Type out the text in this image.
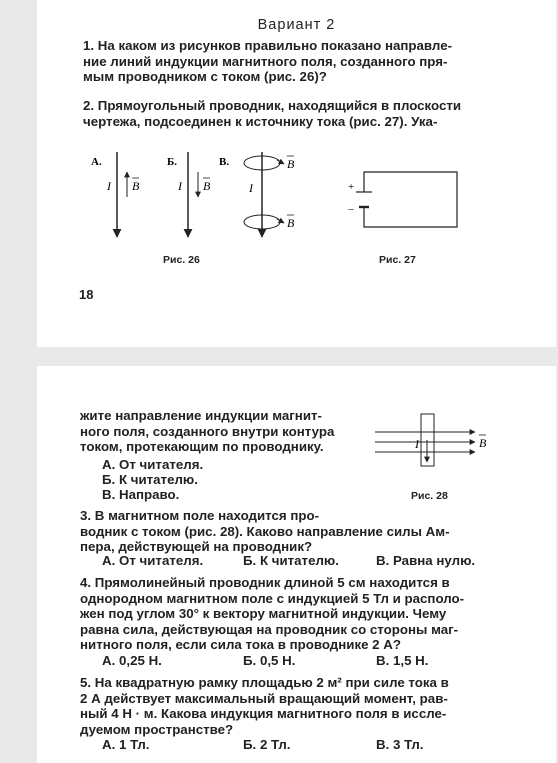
Вариант 2
1. На каком из рисунков правильно показано направле-
ние линий индукции магнитного поля, созданного пря-
мым проводником с током (рис. 26)?
2. Прямоугольный проводник, находящийся в плоскости
чертежа, подсоединен к источнику тока (рис. 27). Ука-
А.
I B
Б.
I B
В.	B
I
B
+
−
Рис. 26	Рис. 27
18
жите направление индукции магнит-
ного поля, созданного внутри контура
током, протекающим по проводнику.
А. От читателя.
Б. К читателю.
В. Направо.
I	B
Рис. 28
3. В магнитном поле находится про-
водник с током (рис. 28). Каково направление силы Ам-
пера, действующей на проводник?
А. От читателя.	Б. К читателю.	В. Равна нулю.
4. Прямолинейный проводник длиной 5 см находится в
однородном магнитном поле с индукцией 5 Тл и располо-
жен под углом 30° к вектору магнитной индукции. Чему
равна сила, действующая на проводник со стороны маг-
нитного поля, если сила тока в проводнике 2 А?
А. 0,25 Н.	Б. 0,5 Н.	В. 1,5 Н.
5. На квадратную рамку площадью 2 м² при силе тока в
2 А действует максимальный вращающий момент, рав-
ный 4 Н · м. Какова индукция магнитного поля в иссле-
дуемом пространстве?
А. 1 Тл.	Б. 2 Тл.	В. 3 Тл.
